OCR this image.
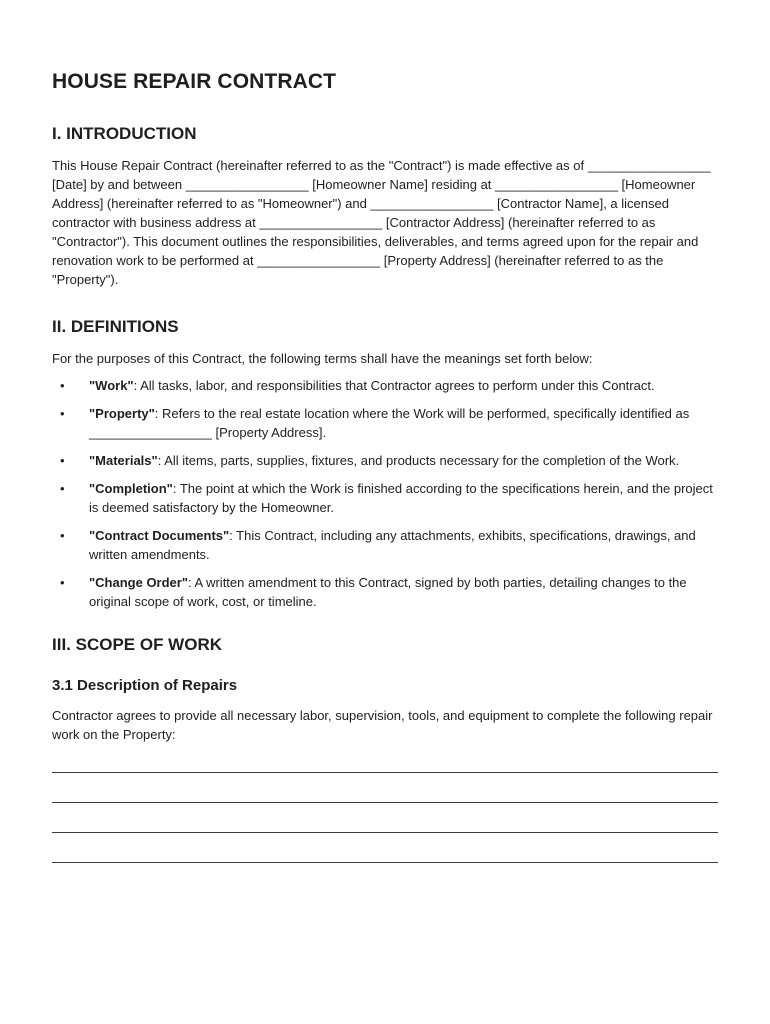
HOUSE REPAIR CONTRACT
I. INTRODUCTION

This House Repair Contract (hereinafter referred to as the "Contract") is made effective as of _________________ [Date] by and between _________________ [Homeowner Name] residing at _________________ [Homeowner Address] (hereinafter referred to as "Homeowner") and _________________ [Contractor Name], a licensed contractor with business address at _________________ [Contractor Address] (hereinafter referred to as "Contractor"). This document outlines the responsibilities, deliverables, and terms agreed upon for the repair and renovation work to be performed at _________________ [Property Address] (hereinafter referred to as the "Property").

II. DEFINITIONS

For the purposes of this Contract, the following terms shall have the meanings set forth below:

• "Work": All tasks, labor, and responsibilities that Contractor agrees to perform under this Contract.
• "Property": Refers to the real estate location where the Work will be performed, specifically identified as _________________ [Property Address].
• "Materials": All items, parts, supplies, fixtures, and products necessary for the completion of the Work.
• "Completion": The point at which the Work is finished according to the specifications herein, and the project is deemed satisfactory by the Homeowner.
• "Contract Documents": This Contract, including any attachments, exhibits, specifications, drawings, and written amendments.
• "Change Order": A written amendment to this Contract, signed by both parties, detailing changes to the original scope of work, cost, or timeline.
III. SCOPE OF WORK
3.1 Description of Repairs

Contractor agrees to provide all necessary labor, supervision, tools, and equipment to complete the following repair work on the Property:
